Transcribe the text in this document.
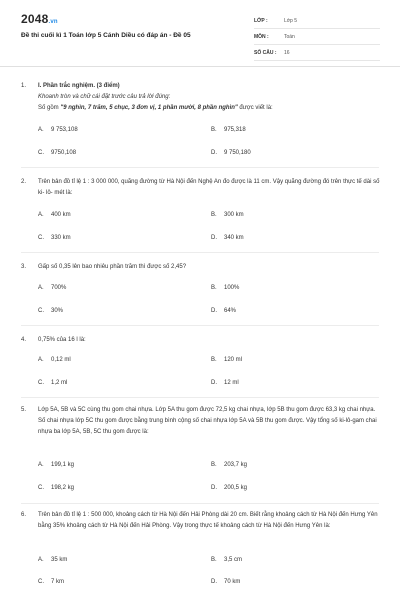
2048.vn
Đề thi cuối kì 1 Toán lớp 5 Cánh Diều có đáp án - Đề 05
LỚP :	Lớp 5
MÔN :	Toán
SỐ CÂU :	16
1. I. Phần trắc nghiệm. (3 điểm)
Khoanh tròn và chữ cái đặt trước câu trả lời đúng:
Số gồm "9 nghìn, 7 trăm, 5 chục, 3 đơn vị, 1 phần mười, 8 phần nghìn" được viết là:
A. 9 753,108	B. 975,318
C. 9750,108	D. 9 750,180
2. Trên bản đồ tỉ lệ 1 : 3 000 000, quãng đường từ Hà Nội đến Nghệ An đo được là 11 cm. Vậy quãng đường đó trên thực tế dài số ki- lô- mét là:
A. 400 km	B. 300 km
C. 330 km	D. 340 km
3. Gấp số 0,35 lên bao nhiêu phần trăm thì được số 2,45?
A. 700%	B. 100%
C. 30%	D. 64%
4. 0,75% của 16 l là:
A. 0,12 ml	B. 120 ml
C. 1,2 ml	D. 12 ml
5. Lớp 5A, 5B và 5C cùng thu gom chai nhựa. Lớp 5A thu gom được 72,5 kg chai nhựa, lớp 5B thu gom được 63,3 kg chai nhựa. Số chai nhựa lớp 5C thu gom được bằng trung bình cộng số chai nhựa lớp 5A và 5B thu gom được. Vậy tổng số ki-lô-gam chai nhựa ba lớp 5A, 5B, 5C thu gom được là:
A. 199,1 kg	B. 203,7 kg
C. 198,2 kg	D. 200,5 kg
6. Trên bản đồ tỉ lệ 1 : 500 000, khoảng cách từ Hà Nội đến Hải Phòng dài 20 cm. Biết rằng khoảng cách từ Hà Nội đến Hưng Yên bằng 35% khoảng cách từ Hà Nội đến Hải Phòng. Vậy trong thực tế khoảng cách từ Hà Nội đến Hưng Yên là:
A. 35 km	B. 3,5 cm
C. 7 km	D. 70 km
